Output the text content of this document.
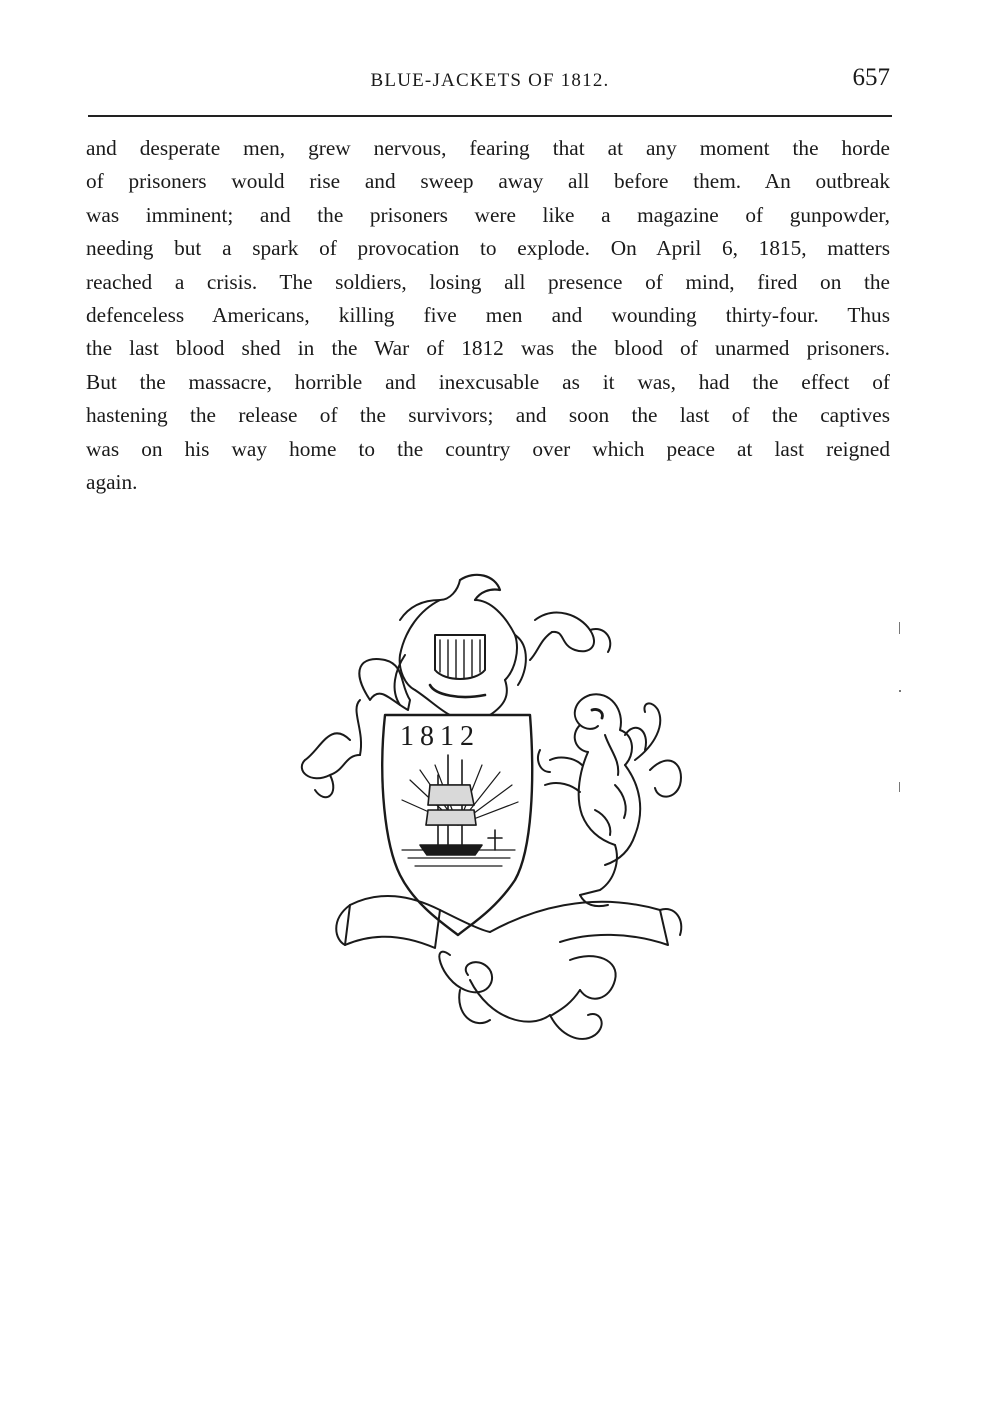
BLUE-JACKETS OF 1812.	657

and desperate men, grew nervous, fearing that at any moment the horde
of prisoners would rise and sweep away all before them. An outbreak
was imminent; and the prisoners were like a magazine of gunpowder,
needing but a spark of provocation to explode. On April 6, 1815, matters
reached a crisis. The soldiers, losing all presence of mind, fired on the
defenceless Americans, killing five men and wounding thirty-four. Thus
the last blood shed in the War of 1812 was the blood of unarmed prisoners.
But the massacre, horrible and inexcusable as it was, had the effect of
hastening the release of the survivors; and soon the last of the captives
was on his way home to the country over which peace at last reigned
again.

1812
